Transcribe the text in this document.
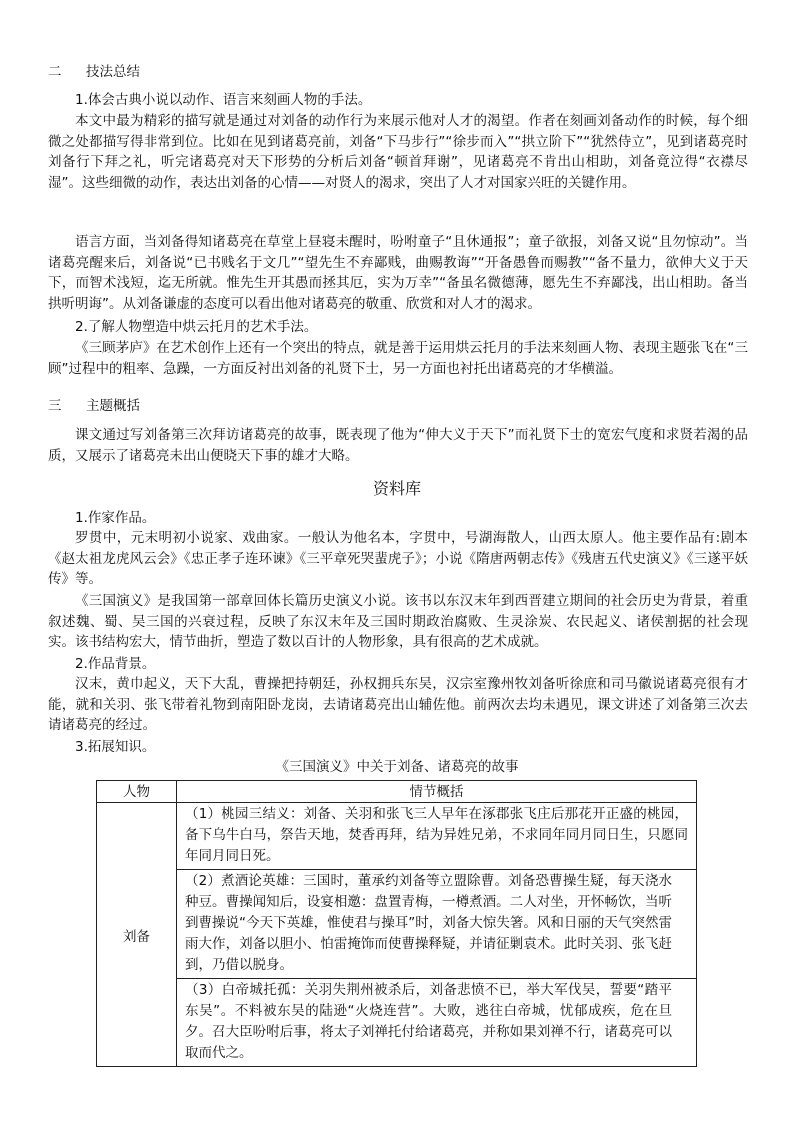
二 技法总结
1.体会古典小说以动作、语言来刻画人物的手法。

本文中最为精彩的描写就是通过对刘备的动作行为来展示他对人才的渴望。作者在刻画刘备动作的时候，每个细微之处都描写得非常到位。比如在见到诸葛亮前，刘备“下马步行”“徐步而入”“拱立阶下”“犹然侍立”，见到诸葛亮时刘备行下拜之礼，听完诸葛亮对天下形势的分析后刘备“顿首拜谢”，见诸葛亮不肯出山相助，刘备竟泣得“衣襟尽湿”。这些细微的动作，表达出刘备的心情——对贤人的渴求，突出了人才对国家兴旺的关键作用。

语言方面，当刘备得知诸葛亮在草堂上昼寝未醒时，吩咐童子“且休通报”；童子欲报，刘备又说“且勿惊动”。当诸葛亮醒来后，刘备说“已书贱名于文几”“望先生不弃鄙贱，曲赐教诲”“开备愚鲁而赐教”“备不量力，欲伸大义于天下，而智术浅短，迄无所就。惟先生开其愚而拯其厄，实为万幸”“备虽名微德薄，愿先生不弃鄙浅，出山相助。备当拱听明诲”。从刘备谦虚的态度可以看出他对诸葛亮的敬重、欣赏和对人才的渴求。

2.了解人物塑造中烘云托月的艺术手法。

《三顾茅庐》在艺术创作上还有一个突出的特点，就是善于运用烘云托月的手法来刻画人物、表现主题张飞在“三顾”过程中的粗率、急躁，一方面反衬出刘备的礼贤下士，另一方面也衬托出诸葛亮的才华横溢。

三 主题概括

课文通过写刘备第三次拜访诸葛亮的故事，既表现了他为“伸大义于天下”而礼贤下士的宽宏气度和求贤若渴的品质，又展示了诸葛亮未出山便晓天下事的雄才大略。

资料库
1.作家作品。

罗贯中，元末明初小说家、戏曲家。一般认为他名本，字贯中，号湖海散人，山西太原人。他主要作品有:剧本《赵太祖龙虎风云会》《忠正孝子连环谏》《三平章死哭蜚虎子》；小说《隋唐两朝志传》《残唐五代史演义》《三遂平妖传》等。

《三国演义》是我国第一部章回体长篇历史演义小说。该书以东汉末年到西晋建立期间的社会历史为背景，着重叙述魏、蜀、吴三国的兴衰过程，反映了东汉末年及三国时期政治腐败、生灵涂炭、农民起义、诸侯割据的社会现实。该书结构宏大，情节曲折，塑造了数以百计的人物形象，具有很高的艺术成就。

2.作品背景。

汉末，黄巾起义，天下大乱，曹操把持朝廷，孙权拥兵东吴，汉宗室豫州牧刘备听徐庶和司马徽说诸葛亮很有才能，就和关羽、张飞带着礼物到南阳卧龙岗，去请诸葛亮出山辅佐他。前两次去均未遇见，课文讲述了刘备第三次去请诸葛亮的经过。

3.拓展知识。
《三国演义》中关于刘备、诸葛亮的故事
人物	情节概括
刘备	（1）桃园三结义：刘备、关羽和张飞三人早年在涿郡张飞庄后那花开正盛的桃园，备下乌牛白马，祭告天地，焚香再拜，结为异姓兄弟，不求同年同月同日生，只愿同年同月同日死。
	（2）煮酒论英雄：三国时，董承约刘备等立盟除曹。刘备恐曹操生疑，每天浇水种豆。曹操闻知后，设宴相邀：盘置青梅，一樽煮酒。二人对坐，开怀畅饮，当听到曹操说“今天下英雄，惟使君与操耳”时，刘备大惊失箸。风和日丽的天气突然雷雨大作，刘备以胆小、怕雷掩饰而使曹操释疑，并请征剿袁术。此时关羽、张飞赶到，乃借以脱身。
	（3）白帝城托孤：关羽失荆州被杀后，刘备悲愤不已，举大军伐吴，誓要“踏平东吴”。不料被东吴的陆逊“火烧连营”。大败，逃往白帝城，忧郁成疾，危在旦夕。召大臣吩咐后事，将太子刘禅托付给诸葛亮，并称如果刘禅不行，诸葛亮可以取而代之。
